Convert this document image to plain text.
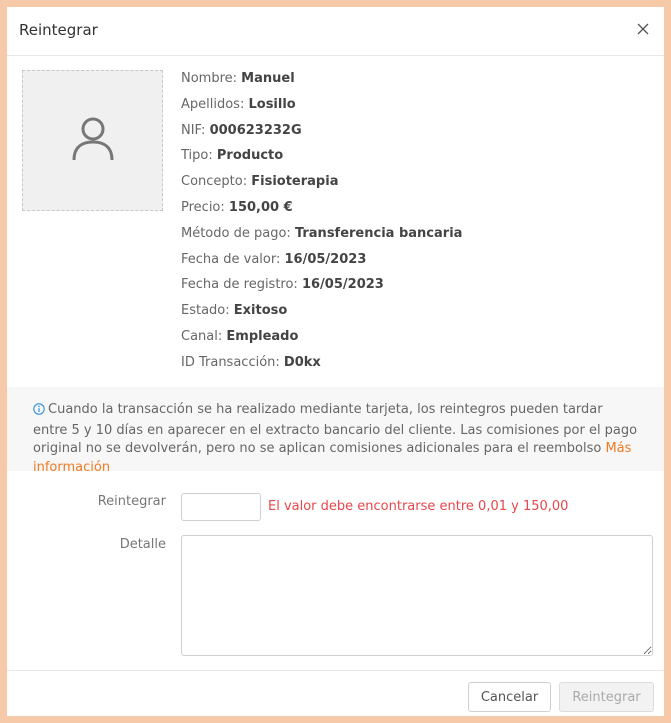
Reintegrar
Nombre: Manuel
Apellidos: Losillo
NIF: 000623232G
Tipo: Producto
Concepto: Fisioterapia
Precio: 150,00 €
Método de pago: Transferencia bancaria
Fecha de valor: 16/05/2023
Fecha de registro: 16/05/2023
Estado: Exitoso
Canal: Empleado
ID Transacción: D0kx
Cuando la transacción se ha realizado mediante tarjeta, los reintegros pueden tardar entre 5 y 10 días en aparecer en el extracto bancario del cliente. Las comisiones por el pago original no se devolverán, pero no se aplican comisiones adicionales para el reembolso Más información
Reintegrar	El valor debe encontrarse entre 0,01 y 150,00
Detalle
Cancelar	Reintegrar
